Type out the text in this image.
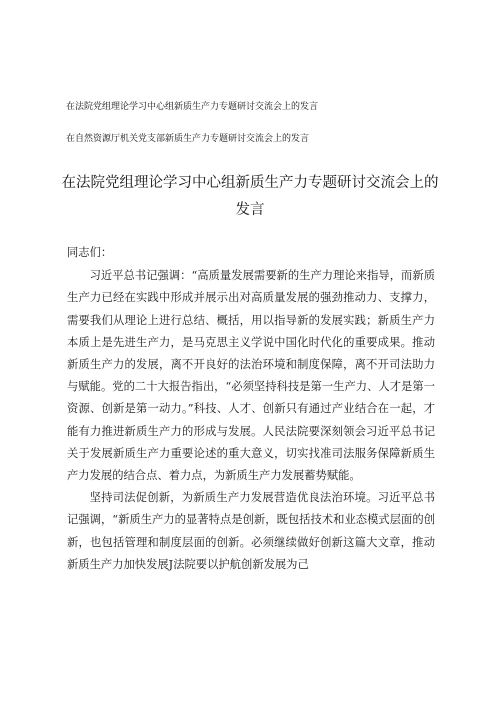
在法院党组理论学习中心组新质生产力专题研讨交流会上的发言
在自然资源厅机关党支部新质生产力专题研讨交流会上的发言
在法院党组理论学习中心组新质生产力专题研讨交流会上的发言

同志们：

习近平总书记强调：“高质量发展需要新的生产力理论来指导，而新质生产力已经在实践中形成并展示出对高质量发展的强劲推动力、支撑力，需要我们从理论上进行总结、概括，用以指导新的发展实践；新质生产力本质上是先进生产力，是马克思主义学说中国化时代化的重要成果。推动新质生产力的发展，离不开良好的法治环境和制度保障，离不开司法助力与赋能。党的二十大报告指出，“必须坚持科技是第一生产力、人才是第一资源、创新是第一动力。”科技、人才、创新只有通过产业结合在一起，才能有力推进新质生产力的形成与发展。人民法院要深刻领会习近平总书记关于发展新质生产力重要论述的重大意义，切实找准司法服务保障新质生产力发展的结合点、着力点，为新质生产力发展蓄势赋能。

坚持司法促创新，为新质生产力发展营造优良法治环境。习近平总书记强调，“新质生产力的显著特点是创新，既包括技术和业态模式层面的创新，也包括管理和制度层面的创新。必须继续做好创新这篇大文章，推动新质生产力加快发展J法院要以护航创新发展为己
